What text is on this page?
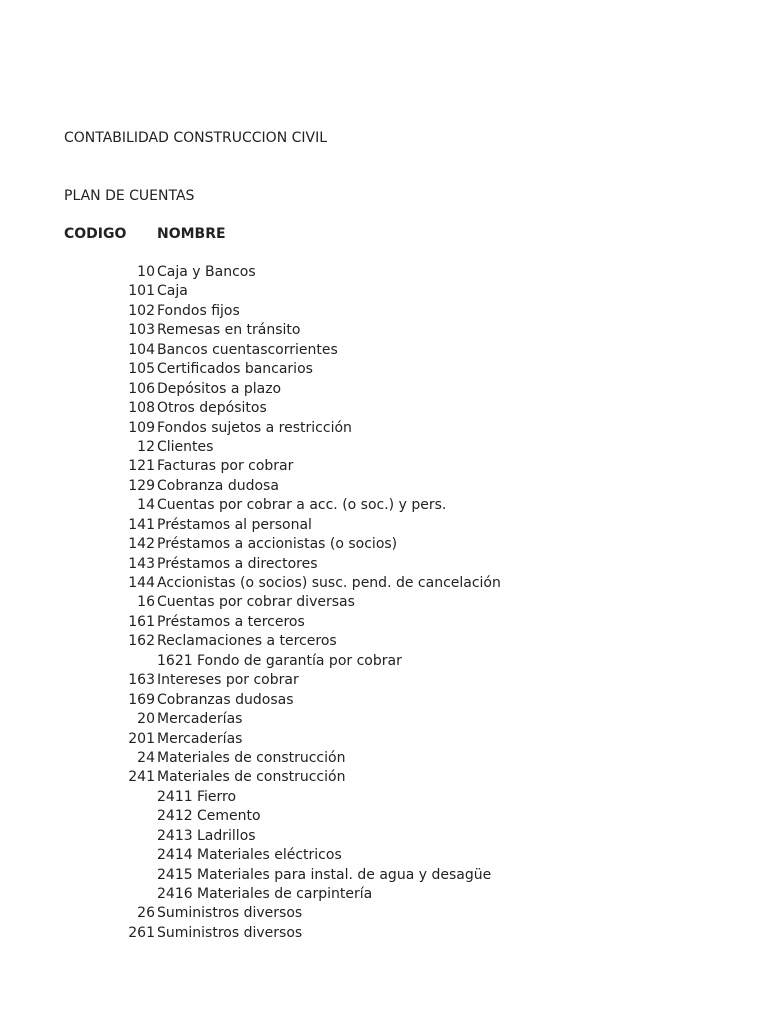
CONTABILIDAD CONSTRUCCION CIVIL
PLAN DE CUENTAS
CODIGO NOMBRE
10 Caja y Bancos
101 Caja
102 Fondos fijos
103 Remesas en tránsito
104 Bancos cuentascorrientes
105 Certificados bancarios
106 Depósitos a plazo
108 Otros depósitos
109 Fondos sujetos a restricción
12 Clientes
121 Facturas por cobrar
129 Cobranza dudosa
14 Cuentas por cobrar a acc. (o soc.) y pers.
141 Préstamos al personal
142 Préstamos a accionistas (o socios)
143 Préstamos a directores
144 Accionistas (o socios) susc. pend. de cancelación
16 Cuentas por cobrar diversas
161 Préstamos a terceros
162 Reclamaciones a terceros
1621 Fondo de garantía por cobrar
163 Intereses por cobrar
169 Cobranzas dudosas
20 Mercaderías
201 Mercaderías
24 Materiales de construcción
241 Materiales de construcción
2411 Fierro
2412 Cemento
2413 Ladrillos
2414 Materiales eléctricos
2415 Materiales para instal. de agua y desagüe
2416 Materiales de carpintería
26 Suministros diversos
261 Suministros diversos
